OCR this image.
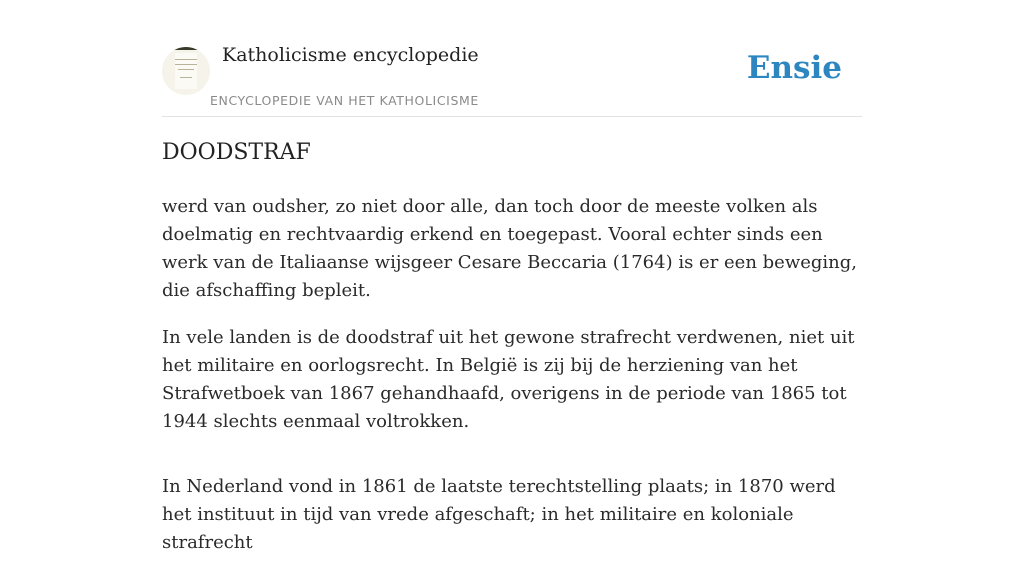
Katholicisme encyclopedie
ENCYCLOPEDIE VAN HET KATHOLICISME
Ensie
DOODSTRAF

werd van oudsher, zo niet door alle, dan toch door de meeste volken als doelmatig en rechtvaardig erkend en toegepast. Vooral echter sinds een werk van de Italiaanse wijsgeer Cesare Beccaria (1764) is er een beweging, die afschaffing bepleit.

In vele landen is de doodstraf uit het gewone strafrecht verdwenen, niet uit het militaire en oorlogsrecht. In België is zij bij de herziening van het Strafwetboek van 1867 gehandhaafd, overigens in de periode van 1865 tot 1944 slechts eenmaal voltrokken.

In Nederland vond in 1861 de laatste terechtstelling plaats; in 1870 werd het instituut in tijd van vrede afgeschaft; in het militaire en koloniale strafrecht
